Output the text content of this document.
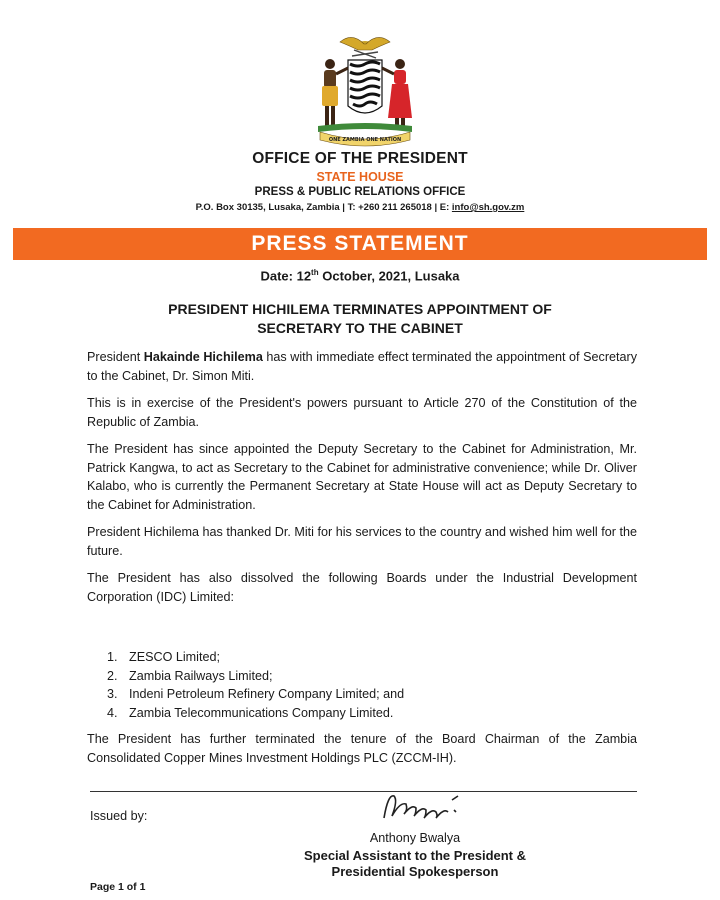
ONE ZAMBIA ONE NATION
OFFICE OF THE PRESIDENT
STATE HOUSE
PRESS & PUBLIC RELATIONS OFFICE
P.O. Box 30135, Lusaka, Zambia | T: +260 211 265018 | E: info@sh.gov.zm
PRESS STATEMENT
Date: 12th October, 2021, Lusaka
PRESIDENT HICHILEMA TERMINATES APPOINTMENT OF
SECRETARY TO THE CABINET

President Hakainde Hichilema has with immediate effect terminated the appointment of Secretary to the Cabinet, Dr. Simon Miti.

This is in exercise of the President's powers pursuant to Article 270 of the Constitution of the Republic of Zambia.

The President has since appointed the Deputy Secretary to the Cabinet for Administration, Mr. Patrick Kangwa, to act as Secretary to the Cabinet for administrative convenience; while Dr. Oliver Kalabo, who is currently the Permanent Secretary at State House will act as Deputy Secretary to the Cabinet for Administration.

President Hichilema has thanked Dr. Miti for his services to the country and wished him well for the future.

The President has also dissolved the following Boards under the Industrial Development Corporation (IDC) Limited:

1. ZESCO Limited;
2. Zambia Railways Limited;
3. Indeni Petroleum Refinery Company Limited; and
4. Zambia Telecommunications Company Limited.
The President has further terminated the tenure of the Board Chairman of the Zambia Consolidated Copper Mines Investment Holdings PLC (ZCCM-IH).
Issued by:
Anthony Bwalya
Special Assistant to the President &
Presidential Spokesperson
Page 1 of 1
